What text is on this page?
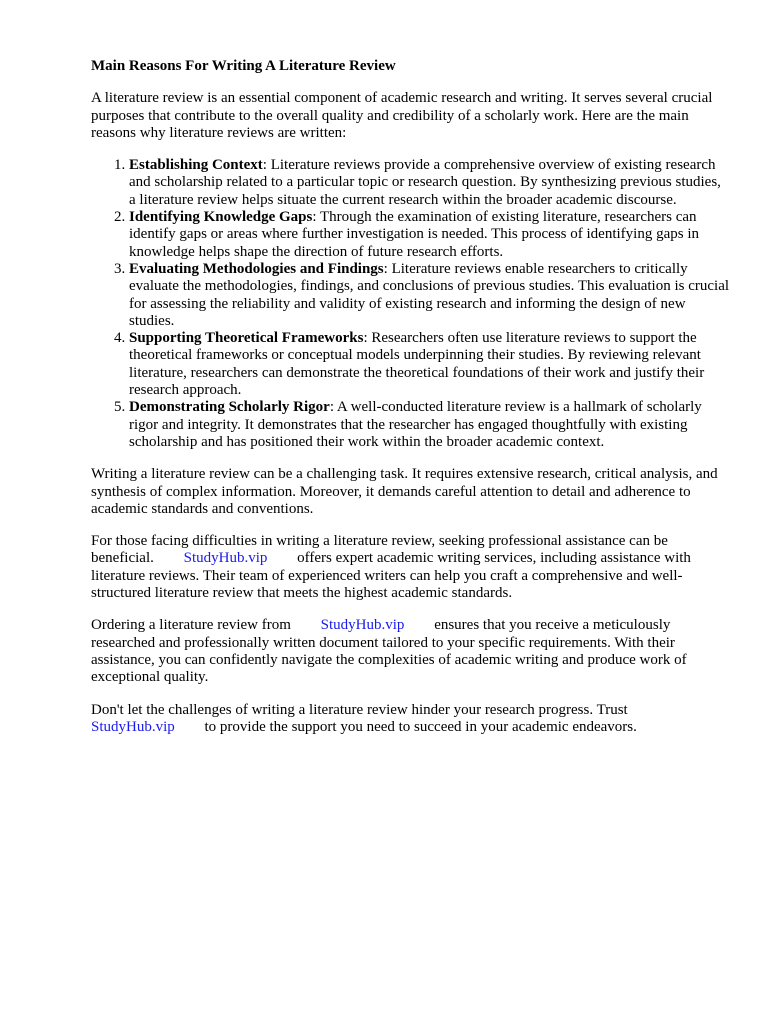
Main Reasons For Writing A Literature Review

A literature review is an essential component of academic research and writing. It serves several crucial purposes that contribute to the overall quality and credibility of a scholarly work. Here are the main reasons why literature reviews are written:

1. Establishing Context: Literature reviews provide a comprehensive overview of existing research and scholarship related to a particular topic or research question. By synthesizing previous studies, a literature review helps situate the current research within the broader academic discourse.
2. Identifying Knowledge Gaps: Through the examination of existing literature, researchers can identify gaps or areas where further investigation is needed. This process of identifying gaps in knowledge helps shape the direction of future research efforts.
3. Evaluating Methodologies and Findings: Literature reviews enable researchers to critically evaluate the methodologies, findings, and conclusions of previous studies. This evaluation is crucial for assessing the reliability and validity of existing research and informing the design of new studies.
4. Supporting Theoretical Frameworks: Researchers often use literature reviews to support the theoretical frameworks or conceptual models underpinning their studies. By reviewing relevant literature, researchers can demonstrate the theoretical foundations of their work and justify their research approach.
5. Demonstrating Scholarly Rigor: A well-conducted literature review is a hallmark of scholarly rigor and integrity. It demonstrates that the researcher has engaged thoughtfully with existing scholarship and has positioned their work within the broader academic context.

Writing a literature review can be a challenging task. It requires extensive research, critical analysis, and synthesis of complex information. Moreover, it demands careful attention to detail and adherence to academic standards and conventions.

For those facing difficulties in writing a literature review, seeking professional assistance can be beneficial. StudyHub.vip offers expert academic writing services, including assistance with literature reviews. Their team of experienced writers can help you craft a comprehensive and well-structured literature review that meets the highest academic standards.

Ordering a literature review from StudyHub.vip ensures that you receive a meticulously researched and professionally written document tailored to your specific requirements. With their assistance, you can confidently navigate the complexities of academic writing and produce work of exceptional quality.

Don't let the challenges of writing a literature review hinder your research progress. Trust StudyHub.vip to provide the support you need to succeed in your academic endeavors.
